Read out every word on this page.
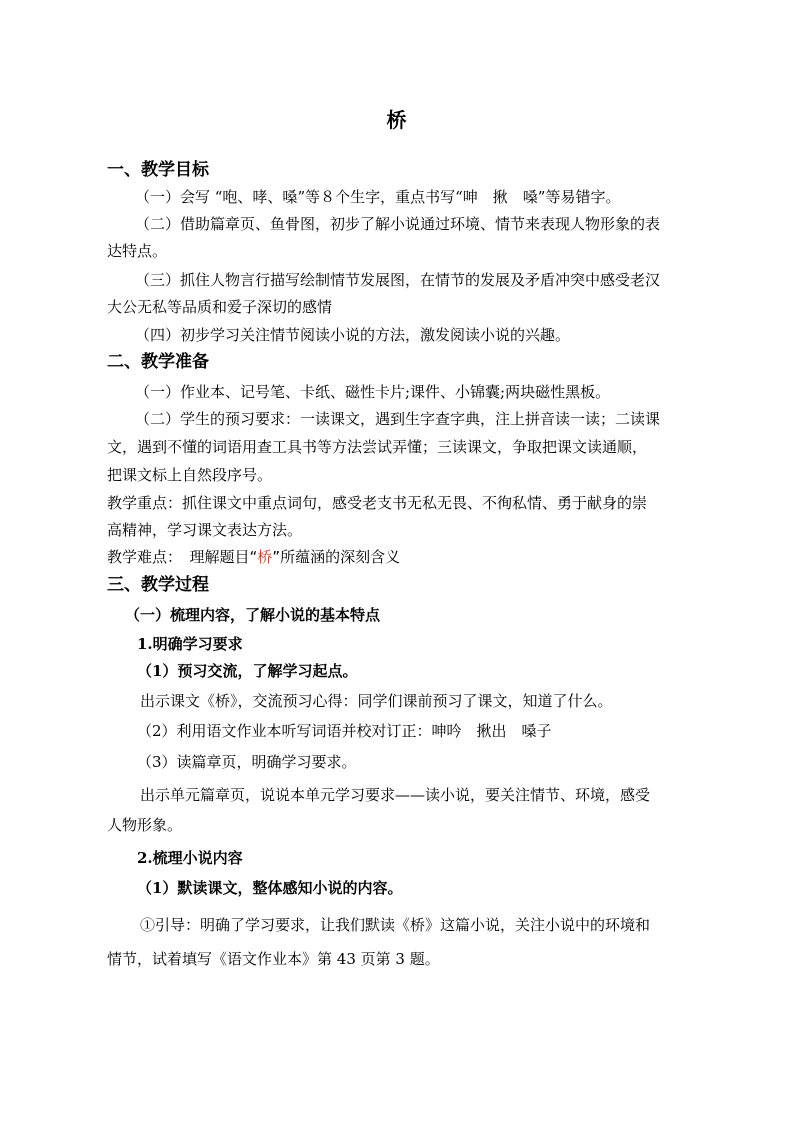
桥
一、教学目标
（一）会写 “咆、哮、嗓”等８个生字，重点书写“呻　揪　嗓”等易错字。
（二）借助篇章页、鱼骨图，初步了解小说通过环境、情节来表现人物形象的表
达特点。
（三）抓住人物言行描写绘制情节发展图，在情节的发展及矛盾冲突中感受老汉
大公无私等品质和爱子深切的感情
（四）初步学习关注情节阅读小说的方法，激发阅读小说的兴趣。
二、教学准备
（一）作业本、记号笔、卡纸、磁性卡片;课件、小锦囊;两块磁性黑板。
（二）学生的预习要求：一读课文，遇到生字查字典，注上拼音读一读；二读课
文，遇到不懂的词语用查工具书等方法尝试弄懂；三读课文，争取把课文读通顺，
把课文标上自然段序号。
教学重点：抓住课文中重点词句，感受老支书无私无畏、不徇私情、勇于献身的崇
高精神，学习课文表达方法。
教学难点：　理解题目“桥”所蕴涵的深刻含义
三、教学过程
（一）梳理内容，了解小说的基本特点
1.明确学习要求
（1）预习交流，了解学习起点。
出示课文《桥》，交流预习心得：同学们课前预习了课文，知道了什么。
（2）利用语文作业本听写词语并校对订正：呻吟　揪出　嗓子
（3）读篇章页，明确学习要求。
出示单元篇章页，说说本单元学习要求——读小说，要关注情节、环境，感受
人物形象。
2.梳理小说内容
（1）默读课文，整体感知小说的内容。
①引导：明确了学习要求，让我们默读《桥》这篇小说，关注小说中的环境和
情节，试着填写《语文作业本》第 43 页第 3 题。
